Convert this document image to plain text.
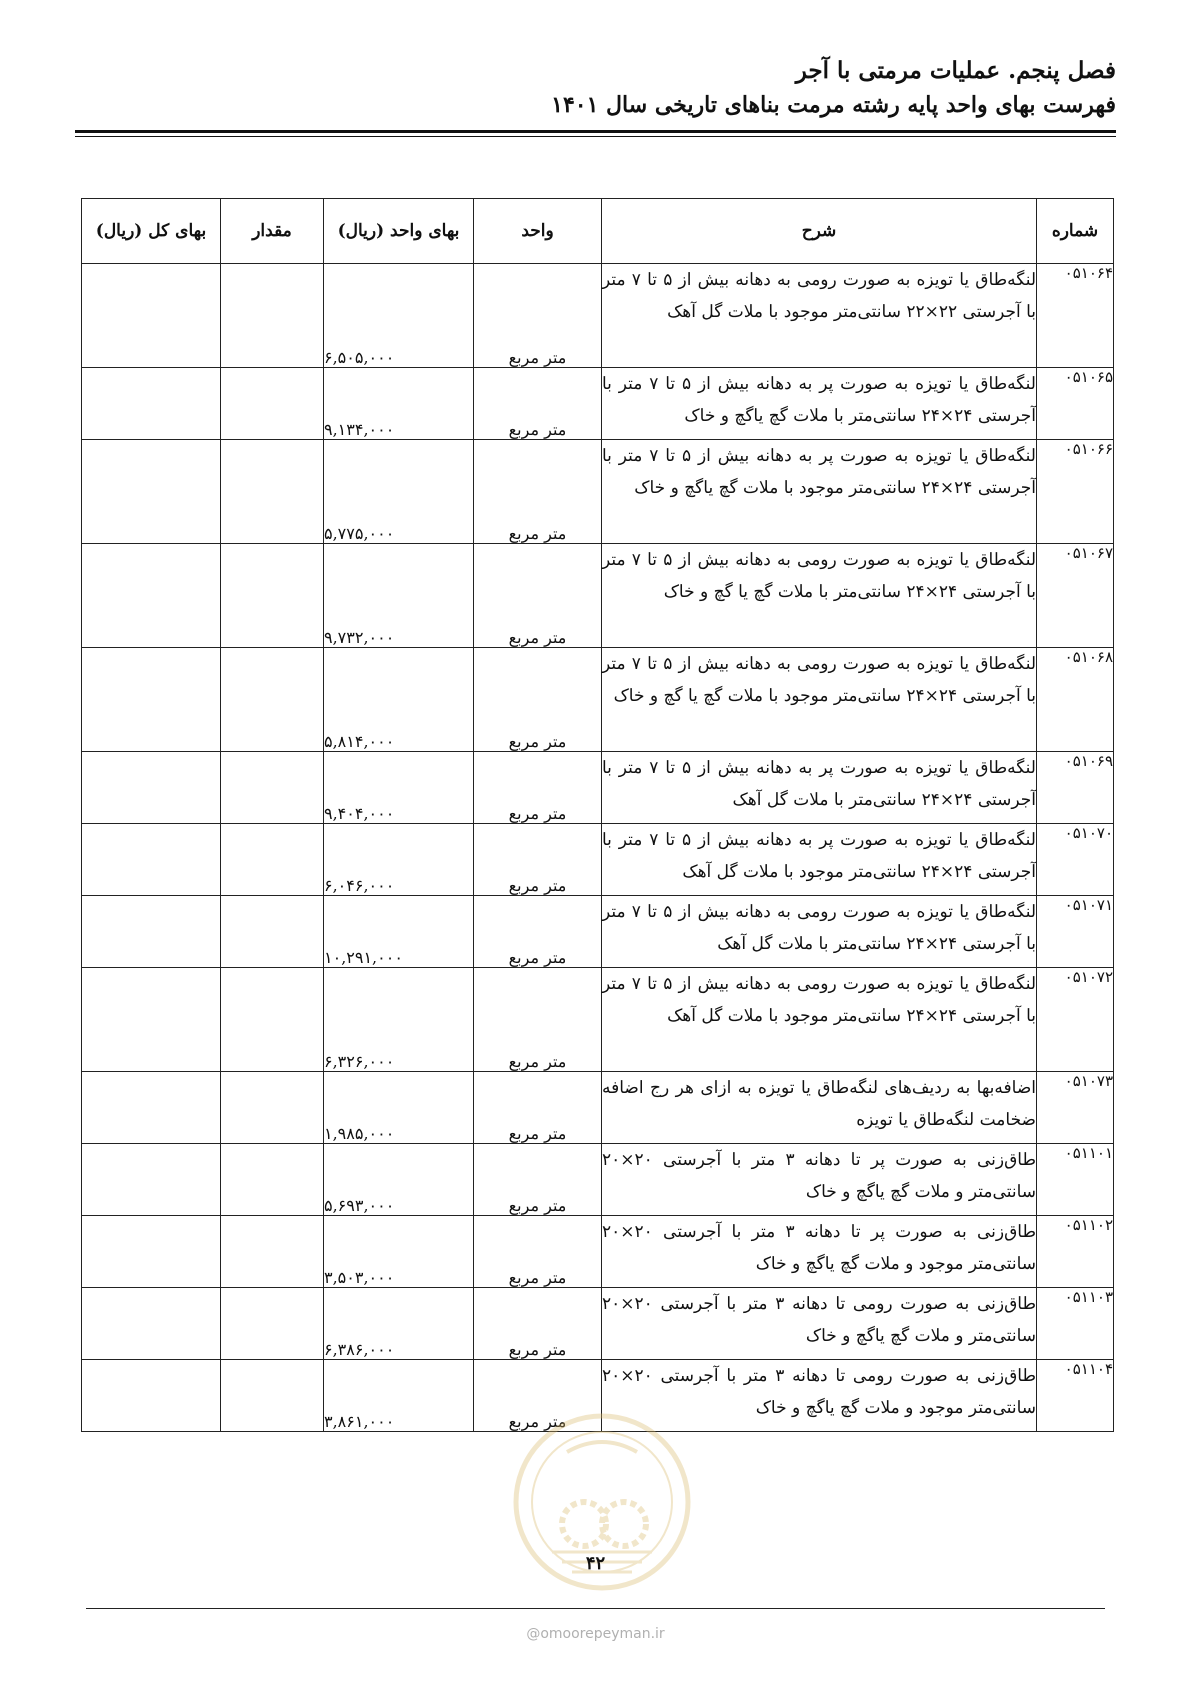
فصل پنجم. عملیات مرمتی با آجر
فهرست بهای واحد پایه رشته مرمت بناهای تاریخی سال ۱۴۰۱
شماره	شرح	واحد	بهای واحد (ریال)	مقدار	بهای کل (ریال)
۰۵۱۰۶۴	لنگه‌طاق یا تویزه به صورت رومی به دهانه بیش از ۵ تا ۷ متر با آجرستی ۲۲×۲۲ سانتی‌متر موجود با ملات گل آهک	متر مربع	۶,۵۰۵,۰۰۰		
۰۵۱۰۶۵	لنگه‌طاق یا تویزه به صورت پر به دهانه بیش از ۵ تا ۷ متر با آجرستی ۲۴×۲۴ سانتی‌متر با ملات گچ یاگچ و خاک	متر مربع	۹,۱۳۴,۰۰۰		
۰۵۱۰۶۶	لنگه‌طاق یا تویزه به صورت پر به دهانه بیش از ۵ تا ۷ متر با آجرستی ۲۴×۲۴ سانتی‌متر موجود با ملات گچ یاگچ و خاک	متر مربع	۵,۷۷۵,۰۰۰		
۰۵۱۰۶۷	لنگه‌طاق یا تویزه به صورت رومی به دهانه بیش از ۵ تا ۷ متر با آجرستی ۲۴×۲۴ سانتی‌متر با ملات گچ یا گچ و خاک	متر مربع	۹,۷۳۲,۰۰۰		
۰۵۱۰۶۸	لنگه‌طاق یا تویزه به صورت رومی به دهانه بیش از ۵ تا ۷ متر با آجرستی ۲۴×۲۴ سانتی‌متر موجود با ملات گچ یا گچ و خاک	متر مربع	۵,۸۱۴,۰۰۰		
۰۵۱۰۶۹	لنگه‌طاق یا تویزه به صورت پر به دهانه بیش از ۵ تا ۷ متر با آجرستی ۲۴×۲۴ سانتی‌متر با ملات گل آهک	متر مربع	۹,۴۰۴,۰۰۰		
۰۵۱۰۷۰	لنگه‌طاق یا تویزه به صورت پر به دهانه بیش از ۵ تا ۷ متر با آجرستی ۲۴×۲۴ سانتی‌متر موجود با ملات گل آهک	متر مربع	۶,۰۴۶,۰۰۰		
۰۵۱۰۷۱	لنگه‌طاق یا تویزه به صورت رومی به دهانه بیش از ۵ تا ۷ متر با آجرستی ۲۴×۲۴ سانتی‌متر با ملات گل آهک	متر مربع	۱۰,۲۹۱,۰۰۰		
۰۵۱۰۷۲	لنگه‌طاق یا تویزه به صورت رومی به دهانه بیش از ۵ تا ۷ متر با آجرستی ۲۴×۲۴ سانتی‌متر موجود با ملات گل آهک	متر مربع	۶,۳۲۶,۰۰۰		
۰۵۱۰۷۳	اضافه‌بها به ردیف‌های لنگه‌طاق یا تویزه به ازای هر رج اضافه ضخامت لنگه‌طاق یا تویزه	متر مربع	۱,۹۸۵,۰۰۰		
۰۵۱۱۰۱	طاق‌زنی به صورت پر تا دهانه ۳ متر با آجرستی ۲۰×۲۰ سانتی‌متر و ملات گچ یاگچ و خاک	متر مربع	۵,۶۹۳,۰۰۰		
۰۵۱۱۰۲	طاق‌زنی به صورت پر تا دهانه ۳ متر با آجرستی ۲۰×۲۰ سانتی‌متر موجود و ملات گچ یاگچ و خاک	متر مربع	۳,۵۰۳,۰۰۰		
۰۵۱۱۰۳	طاق‌زنی به صورت رومی تا دهانه ۳ متر با آجرستی ۲۰×۲۰ سانتی‌متر و ملات گچ یاگچ و خاک	متر مربع	۶,۳۸۶,۰۰۰		
۰۵۱۱۰۴	طاق‌زنی به صورت رومی تا دهانه ۳ متر با آجرستی ۲۰×۲۰ سانتی‌متر موجود و ملات گچ یاگچ و خاک	متر مربع	۳,۸۶۱,۰۰۰		
۴۲
@omoorepeyman.ir
